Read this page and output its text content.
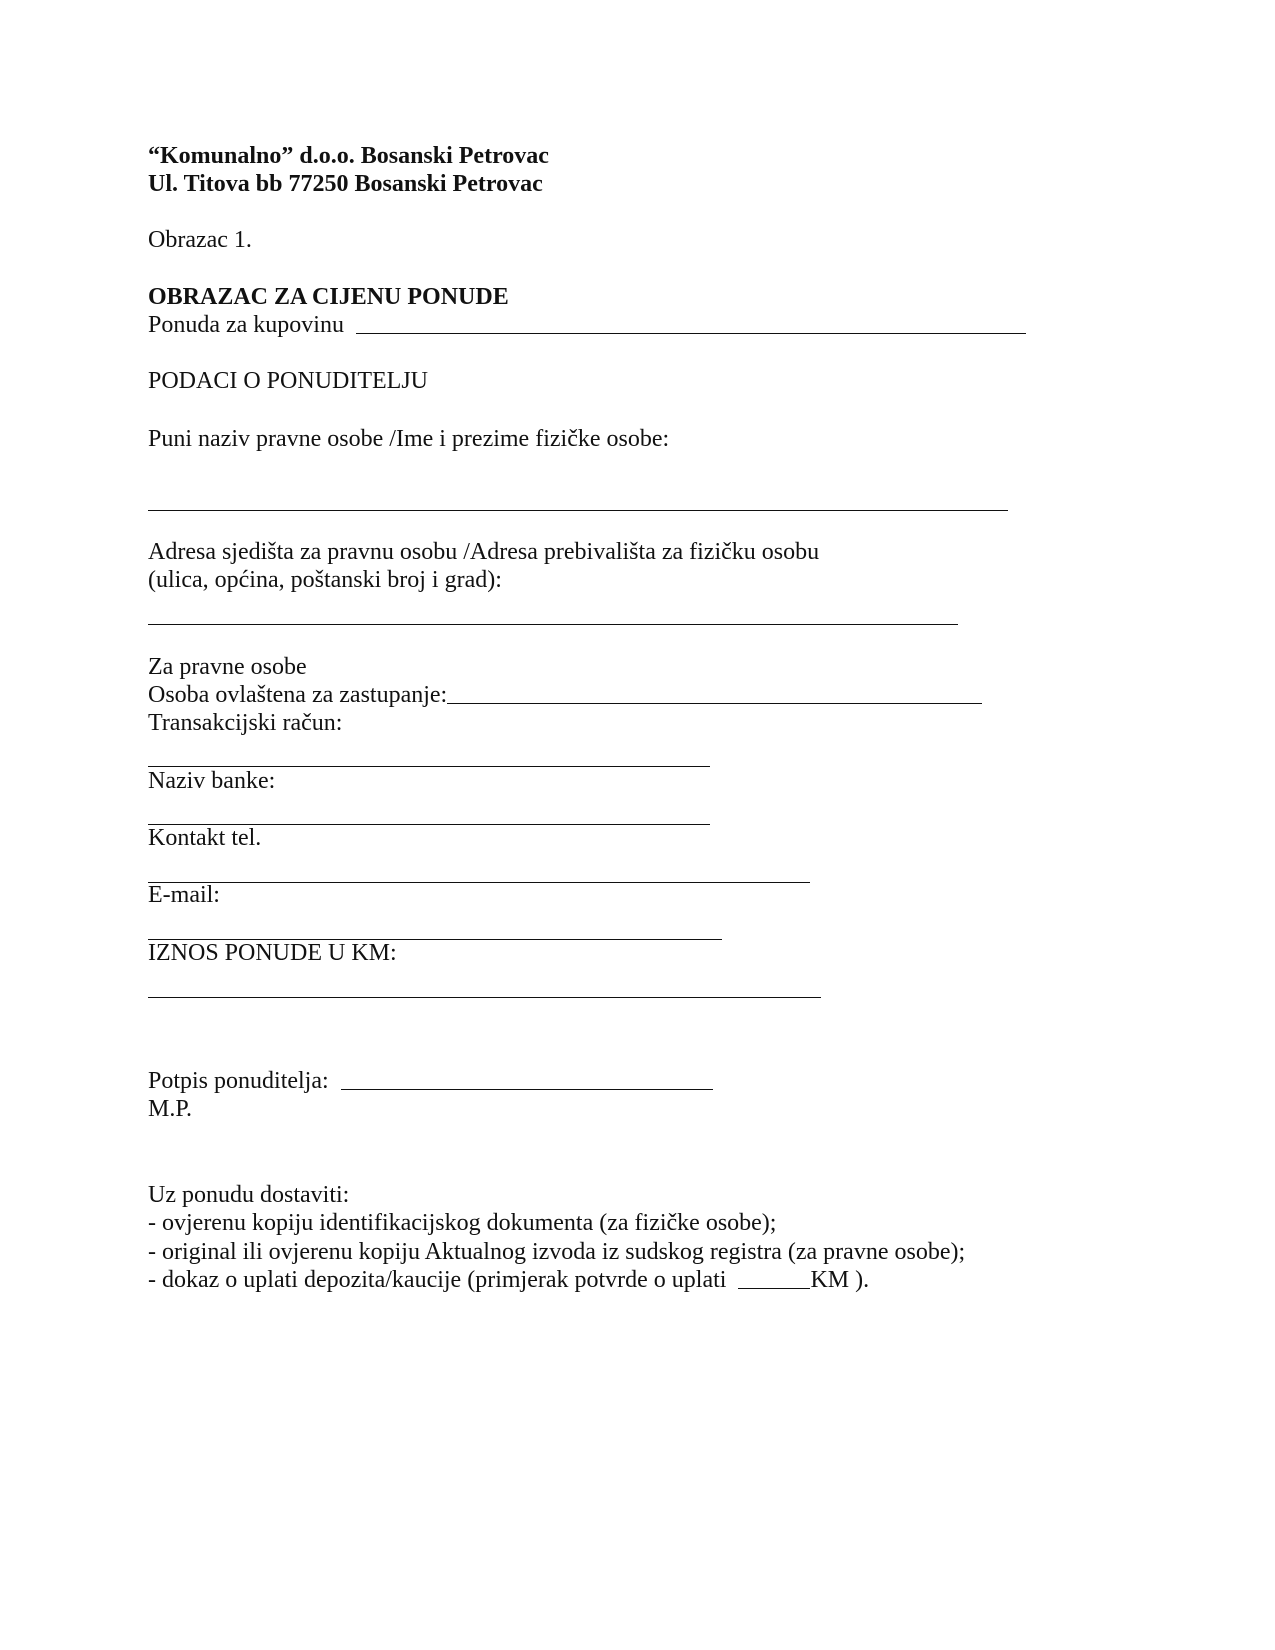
“Komunalno” d.o.o. Bosanski Petrovac
Ul. Titova bb 77250 Bosanski Petrovac
Obrazac 1.
OBRAZAC ZA CIJENU PONUDE
Ponuda za kupovinu
PODACI O PONUDITELJU
Puni naziv pravne osobe /Ime i prezime fizičke osobe:
Adresa sjedišta za pravnu osobu /Adresa prebivališta za fizičku osobu
(ulica, općina, poštanski broj i grad):
Za pravne osobe
Osoba ovlaštena za zastupanje:
Transakcijski račun:
Naziv banke:
Kontakt tel.
E-mail:
IZNOS PONUDE U KM:
Potpis ponuditelja:
M.P.
Uz ponudu dostaviti:
- ovjerenu kopiju identifikacijskog dokumenta (za fizičke osobe);
- original ili ovjerenu kopiju Aktualnog izvoda iz sudskog registra (za pravne osobe);
- dokaz o uplati depozita/kaucije (primjerak potvrde o uplati	KM ).
